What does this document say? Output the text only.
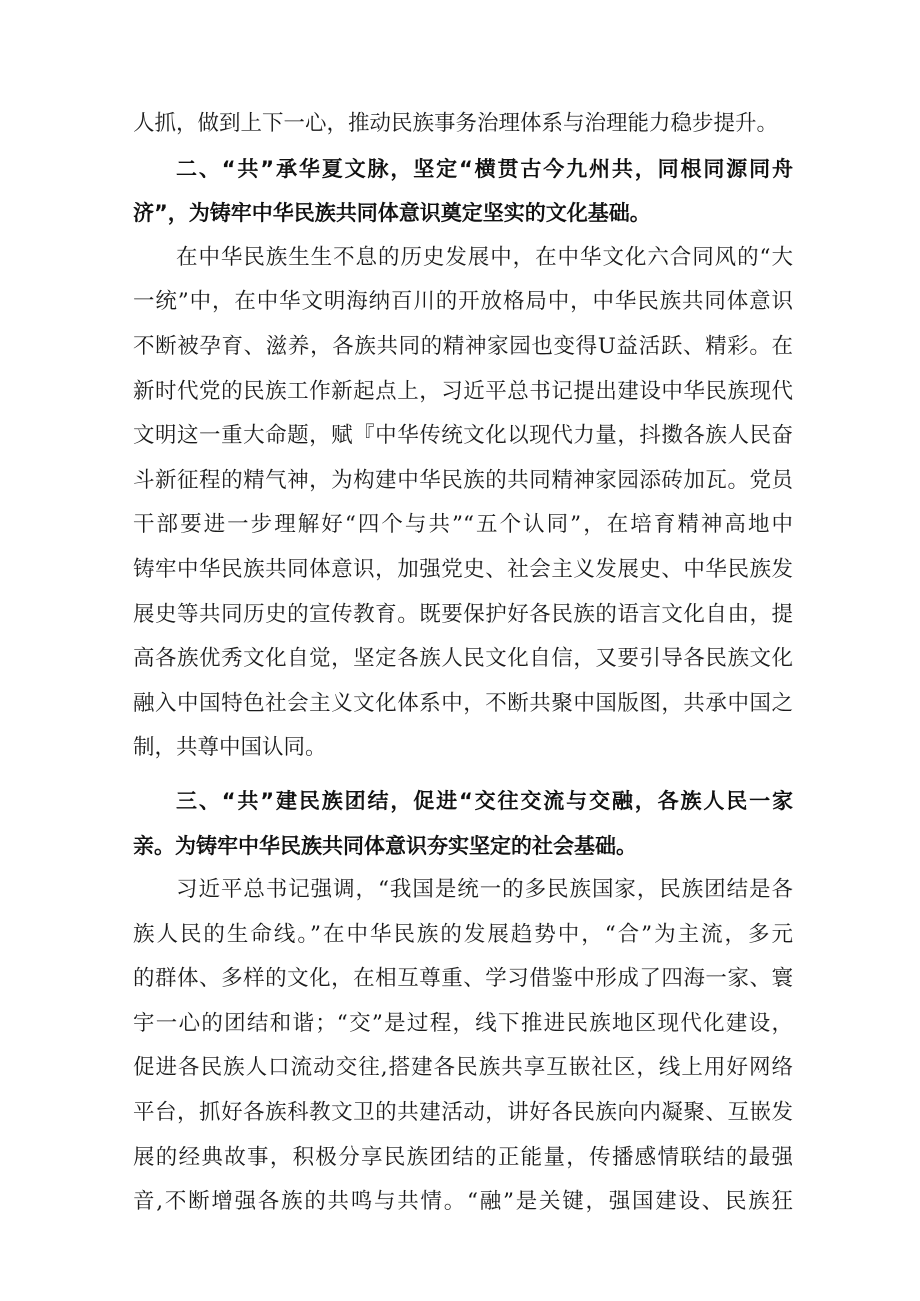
人抓，做到上下一心，推动民族事务治理体系与治理能力稳步提升。
二、“共”承华夏文脉，坚定“横贯古今九州共，同根同源同舟
济”，为铸牢中华民族共同体意识奠定坚实的文化基础。
在中华民族生生不息的历史发展中，在中华文化六合同风的“大
一统”中，在中华文明海纳百川的开放格局中，中华民族共同体意识
不断被孕育、滋养，各族共同的精神家园也变得U益活跃、精彩。在
新时代党的民族工作新起点上，习近平总书记提出建设中华民族现代
文明这一重大命题，赋『中华传统文化以现代力量，抖擞各族人民奋
斗新征程的精气神，为构建中华民族的共同精神家园添砖加瓦。党员
干部要进一步理解好“四个与共”“五个认同”，在培育精神高地中
铸牢中华民族共同体意识，加强党史、社会主义发展史、中华民族发
展史等共同历史的宣传教育。既要保护好各民族的语言文化自由，提
高各族优秀文化自觉，坚定各族人民文化自信，又要引导各民族文化
融入中国特色社会主义文化体系中，不断共聚中国版图，共承中国之
制，共尊中国认同。
三、“共”建民族团结，促进“交往交流与交融，各族人民一家
亲。为铸牢中华民族共同体意识夯实坚定的社会基础。
习近平总书记强调，“我国是统一的多民族国家，民族团结是各
族人民的生命线。”在中华民族的发展趋势中，“合”为主流，多元
的群体、多样的文化，在相互尊重、学习借鉴中形成了四海一家、寰
宇一心的团结和谐；“交”是过程，线下推进民族地区现代化建设，
促进各民族人口流动交往,搭建各民族共享互嵌社区，线上用好网络
平台，抓好各族科教文卫的共建活动，讲好各民族向内凝聚、互嵌发
展的经典故事，积极分享民族团结的正能量，传播感情联结的最强
音,不断增强各族的共鸣与共情。“融”是关键，强国建设、民族狂
